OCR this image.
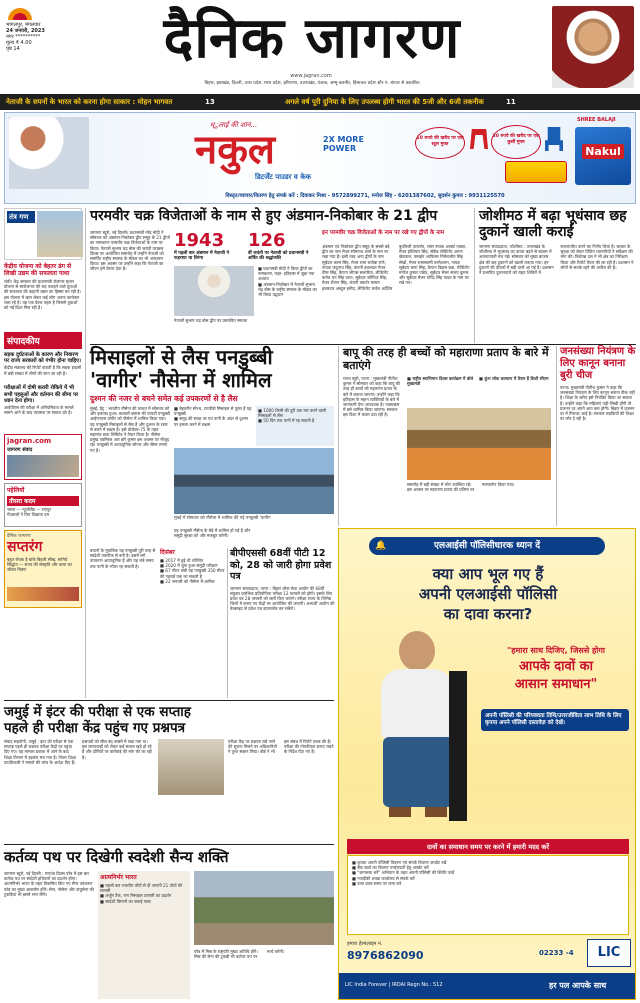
भागलपुर, मंगलवार
24 जनवरी, 2023
नगर **********
मूल्य ₹ 4.00
पृष्ठ 14	दैनिक जागरण
www.jagran.com
बिहार, झारखंड, दिल्ली, उत्तर प्रदेश, मध्य प्रदेश, हरियाणा, उत्तराखंड, पंजाब, जम्मू-कश्मीर, हिमाचल प्रदेश और पं. बंगाल से प्रकाशित
नेताजी के सपनों के भारत को करना होगा साकार : मोहन भागवत	13	अगले वर्ष पूरी दुनिया के लिए उपलब्ध होगी भारत की 5जी और 6जी तकनीक	11
ध्ुलाई की शान...
नकुल	2X MORE POWER
डिटर्जेंट पाउडर व केक
10 रुपये की खरीद पर एक स्टूल मुफ्त
20 रुपये की खरीद पर एक कुर्सी मुफ्त
SHREE BALAJI
Nakul
विस्तृत/व्यापार/वितरण हेतु संपर्क करें : दिवाकर मिश्रा - 9572899271, मनोज सिंह - 6201387602, सुदर्शन कुमार : 9931125570
तंत्र गण
केंद्रीय योजना को बेहतर ढंग से लिखी उद्यम की सफलता गाथा
रांची। केंद्र सरकार की प्रधानमंत्री रोजगार सृजन योजना से स्वरोजगार की राह पकड़ने वाले युवाओं की सफलता की कहानी उद्यम का हिस्सा बन रही है। इस योजना में ऋण लेकर कई लोग अपना कारोबार चला रहे हैं। यह एक प्रेरक पहल है जिससे युवाओं को नई दिशा मिल रही है।
संपादकीय
सड़क दुर्घटनाओं के कारण और निवारण पर राज्य सरकारों को गंभीर होना चाहिए।
केंद्रीय मंत्रालय की रिपोर्ट बताती है कि सड़क हादसों में बड़ी संख्या में लोगों की जान जा रही है।
परीक्षाओं में दोषी करारी रोकिये में भी सभी पहलुओं और वर्तमान की सीमा पर ध्यान देना होगा।
आईपीएस की परीक्षा में अनियमितता के मामले सामने आने के बाद व्यवस्था पर सवाल उठे हैं।
jagran.com
जागरण संवाद
पहेलियों
तीसरा कदम
भारत — न्यूजीलैंड — रायपुर
गेंदबाजों ने फिर दिखाया दम
दैनिक जागरण
सप्तरंग
बहुत रोचक है बांके बिहारी सीख, मानिये सिद्धांत — राज्य की संस्कृति और कला का जीवंत चित्रण
परमवीर चक्र विजेताओं के नाम से हुए अंडमान-निकोबार के 21 द्वीप
जागरण ब्यूरो, नई दिल्ली। प्रधानमंत्री नरेंद्र मोदी ने सोमवार को अंडमान-निकोबार द्वीप समूह के 21 द्वीपों का नामकरण परमवीर चक्र विजेताओं के नाम पर किया। नेताजी सुभाष चंद्र बोस की जयंती पराक्रम दिवस पर आयोजित समारोह में उन्होंने नेताजी को समर्पित राष्ट्रीय स्मारक के मॉडल का भी अनावरण किया। इस अवसर पर उन्होंने कहा कि नेताजी का जीवन हमें प्रेरणा देता है।
1943
में पहली बार अंडमान में नेताजी ने फहराया था तिरंगा
126
वीं जयंती पर नेताजी को प्रधानमंत्री ने अर्पित की श्रद्धांजलि
■ प्रधानमंत्री मोदी ने किया द्वीपों का नामकरण, कहा- इतिहास में जुड़ा नया अध्याय
■ अंडमान-निकोबार में नेताजी सुभाष चंद्र बोस के राष्ट्रीय स्मारक के मॉडल का भी किया उद्घाटन
नेताजी सुभाष चंद्र बोस द्वीप पर प्रस्तावित स्मारक
इन परमवीर चक्र विजेताओं के नाम पर रखे गए द्वीपों के नाम
अंडमान एवं निकोबार द्वीप समूह के सबसे बड़े द्वीप का नाम मेजर सोमनाथ शर्मा के नाम पर रखा गया है। इसी तरह अन्य द्वीपों के नाम सूबेदार करम सिंह, मेजर रामा राघोबा राणे, नायक जदुनाथ सिंह, कंपनी हवलदार मेजर पीरू सिंह, कैप्टन जीएस सलारिया, लेफ्टिनेंट कर्नल धन सिंह थापा, सूबेदार जोगिंदर सिंह, मेजर शैतान सिंह, कंपनी क्वार्टर मास्टर हवलदार अब्दुल हमीद, लेफ्टिनेंट कर्नल अर्देशिर बुर्जोरजी तारापोर, लांस नायक अल्बर्ट एक्का, मेजर होशियार सिंह, सेकेंड लेफ्टिनेंट अरुण खेत्रपाल, फ्लाइंग आफिसर निर्मलजीत सिंह सेखों, मेजर रामास्वामी परमेश्वरन, नायब सूबेदार बाना सिंह, कैप्टन विक्रम बत्रा, लेफ्टिनेंट मनोज कुमार पांडेय, सूबेदार मेजर संजय कुमार और सूबेदार मेजर योगेंद्र सिंह यादव के नाम पर रखे गए।
जोशीमठ में बढ़ा भूधंसाव छह दुकानें खाली कराईं
जागरण संवाददाता, जोशीमठ : उत्तराखंड के जोशीमठ में भूधंसाव का दायरा बढ़ने से बाजार में अफरातफरी मच गई। सोमवार को मुख्य बाजार क्षेत्र की छह दुकानों को खाली कराया गया। इन दुकानों की दीवारों में बड़ी दरारें आ गई हैं। प्रशासन ने प्रभावित दुकानदारों को राहत शिविरों में स्थानांतरित करने का निर्णय लिया है। बाजार के सुरक्षा को लेकर चिंतित व्यापारियों ने सर्वेक्षण की मांग की। विशेषज्ञ दल ने भी क्षेत्र का निरीक्षण किया और रिपोर्ट तैयार की जा रही है। प्रशासन ने लोगों से सतर्क रहने की अपील की है।
मिसाइलों से लैस पनडुब्बी
'वागीर' नौसेना में शामिल
दुश्मन की नजर से बचने समेत कई उपकरणों से है लैस
मुंबई, प्रेट्र : भारतीय नौसेना की ताकत में सोमवार को और इजाफा हुआ। कलवरी क्लास की पांचवीं पनडुब्बी आईएनएस वागीर को नौसेना में शामिल किया गया। यह पनडुब्बी मिसाइलों से लैस है और दुश्मन के रडार से बचने में सक्षम है। इसे प्रोजेक्ट-75 के तहत मझगांव डाक लिमिटेड ने तैयार किया है। नौसेना प्रमुख एडमिरल आर हरि कुमार इस अवसर पर मौजूद रहे। पनडुब्बी में अत्याधुनिक सोनार और सेंसर लगाए गए हैं।
■ बेहतरीन स्टेल्थ, टारपीडो मिसाइल से युक्त है यह पनडुब्बी
■ समुद्र की सतह पर एवं पानी के अंदर से दुश्मन पर हमला करने में सक्षम
■ 1000 किमी की दूरी तक मार करने वाली मिसाइलों से लैस
■ 50 दिन तक पानी में रह सकती है
मुंबई में सोमवार को नौसेना में शामिल की गई पनडुब्बी 'वागीर'
यह पनडुब्बी नौसेना के बेड़े में शामिल हो गई है और समुद्री सुरक्षा को और मजबूत करेगी।
बापू की तरह ही बच्चों को महाराणा प्रताप के बारे में बताएंगे
राज्य ब्यूरो, पटना : मुख्यमंत्री नीतीश कुमार ने सोमवार को कहा कि बापू की तरह ही बच्चों को महाराणा प्रताप के बारे में बताया जाएगा। उन्होंने कहा कि इतिहास के महान व्यक्तित्वों के बारे में जानकारी देना आवश्यक है। पाठ्यक्रम में इसे शामिल किया जाएगा। सरकार इस दिशा में कदम उठा रही है।
■ राष्ट्रीय स्वाभिमान दिवस कार्यक्रम में बोले मुख्यमंत्री
■ कुंभ लोक कल्याण में तैयार हैं डिप्टी सीएम
समारोह में बड़ी संख्या में लोग उपस्थित रहे। इस अवसर पर महाराणा प्रताप की प्रतिमा पर माल्यार्पण किया गया।
जनसंख्या नियंत्रण के लिए कानून बनाना बुरी चीज
पटना। मुख्यमंत्री नीतीश कुमार ने कहा कि जनसंख्या नियंत्रण के लिए कानून बनाना ठीक नहीं है। शिक्षा के जरिए इसे नियंत्रित किया जा सकता है। उन्होंने कहा कि महिलाएं पढ़ी-लिखी होंगी तो प्रजनन दर अपने आप कम होगी। बिहार में प्रजनन दर में गिरावट आई है। सरकार लड़कियों की शिक्षा पर जोर दे रही है।
बीपीएससी 68वीं पीटी 12 को, 28 को जारी होगा प्रवेश पत्र
जागरण संवाददाता, पटना : बिहार लोक सेवा आयोग की 68वीं संयुक्त प्रारंभिक प्रतियोगिता परीक्षा 12 फरवरी को होगी। इसके लिए प्रवेश पत्र 28 जनवरी को जारी किए जाएंगे। परीक्षा राज्य के विभिन्न जिलों में बनाए गए केंद्रों पर आयोजित की जाएगी। अभ्यर्थी आयोग की वेबसाइट से प्रवेश पत्र डाउनलोड कर सकेंगे।
दिसंबर
■ 2017 में हुई थी लॉन्चिंग
■ 2020 में शुरू हुआ समुद्री परीक्षण
■ 67 मीटर लंबी यह पनडुब्बी 350 मीटर की गहराई तक जा सकती है
■ 22 जनवरी को नौसेना में शामिल
बयानों के मुताबिक यह पनडुब्बी पूरी तरह से स्वदेशी तकनीक से बनी है। इसमें लगे उपकरण अत्याधुनिक हैं और यह लंबे समय तक पानी के भीतर रह सकती है।
जमुई में इंटर की परीक्षा से एक सप्ताह
पहले ही परीक्षा केंद्र पहुंच गए प्रश्नपत्र
संवाद सहयोगी, जमुई : इंटर की परीक्षा से एक सप्ताह पहले ही प्रश्नपत्र परीक्षा केंद्रों पर पहुंचा दिए गए। यह मामला प्रकाश में आने के बाद शिक्षा विभाग में हड़कंप मच गया है। जिला शिक्षा पदाधिकारी ने मामले की जांच के आदेश दिए हैं। प्रश्नपत्रों को सील बंद बक्सों में रखा गया था। इस लापरवाही को लेकर कई सवाल खड़े हो रहे हैं और दोषियों पर कार्रवाई की मांग की जा रही है।
परीक्षा केंद्र पर प्रश्नपत्र रखे जाने की सूचना मिलने पर अधिकारियों ने तुरंत संज्ञान लिया। बोर्ड ने भी इस संबंध में रिपोर्ट तलब की है। परीक्षा की गोपनीयता बनाए रखने के निर्देश दिए गए हैं।
कर्तव्य पथ पर दिखेगी स्वदेशी सैन्य शक्ति
जागरण ब्यूरो, नई दिल्ली : गणतंत्र दिवस परेड में इस बार कर्तव्य पथ पर स्वदेशी हथियारों का प्रदर्शन होगा। आत्मनिर्भर भारत के तहत विकसित किए गए सैन्य उपकरण परेड का मुख्य आकर्षण होंगे। सेना, नौसेना और वायुसेना की टुकड़ियां भी इसमें भाग लेंगी।
आत्मनिर्भर भारत
■ पहली बार भारतीय तोपों से दी जाएगी 21 तोपों की सलामी
■ अर्जुन टैंक, नाग मिसाइल प्रणाली का प्रदर्शन
■ स्वदेशी विमानों का फ्लाई पास्ट
परेड में मिस्र के राष्ट्रपति मुख्य अतिथि होंगे। मिस्र की सेना की टुकड़ी भी कर्तव्य पथ पर मार्च करेगी।
🔔	एलआईसी पॉलिसीधारक ध्यान दें
क्या आप भूल गए हैं
अपनी एलआईसी पॉलिसी
का दावा करना?
"हमारा साथ दिजिए, जिससे होगा
आपके दावों का
आसान समाधान"
अपनी पॉलिसी की परिपक्वता तिथि/उत्तरजीविता लाभ तिथि के लिए कृपया अपने पॉलिसी दस्तावेज़ को देखें।
दावों का समाधान समय पर करने में हमारी मदद करें
■ कृपया अपनी पॉलिसी विवरण एवं संपर्क विवरण अपडेट रखें
■ बैंक खाते का विवरण एनईएफटी हेतु अपडेट करें
■ "जागरूक बनें" अभियान के तहत अपनी पॉलिसी की स्थिति जांचें
■ नजदीकी शाखा कार्यालय से संपर्क करें
■ दावा प्रपत्र समय पर जमा करें
हमारा हेल्पलाइन नं.
8976862090	02233 -4	LIC
LIC India Forever | IRDAI Regn No.: 512	हर पल आपके साथ
